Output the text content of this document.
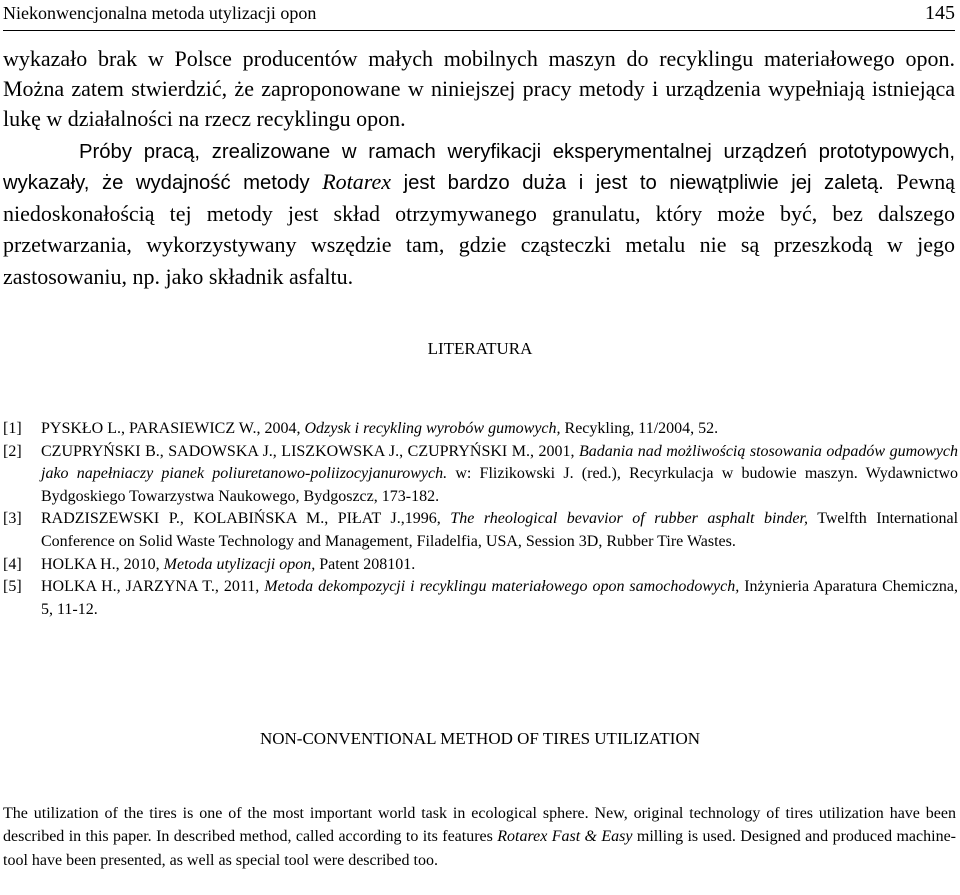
Niekonwencjonalna metoda utylizacji opon	145
wykazało brak w Polsce producentów małych mobilnych maszyn do recyklingu materiałowego opon. Można zatem stwierdzić, że zaproponowane w niniejszej pracy metody i urządzenia wypełniają istniejąca lukę w działalności na rzecz recyklingu opon.
Próby pracą, zrealizowane w ramach weryfikacji eksperymentalnej urządzeń prototypowych, wykazały, że wydajność metody Rotarex jest bardzo duża i jest to niewątpliwie jej zaletą. Pewną niedoskonałością tej metody jest skład otrzymywanego granulatu, który może być, bez dalszego przetwarzania, wykorzystywany wszędzie tam, gdzie cząsteczki metalu nie są przeszkodą w jego zastosowaniu, np. jako składnik asfaltu.
LITERATURA
[1] PYSKŁO L., PARASIEWICZ W., 2004, Odzysk i recykling wyrobów gumowych, Recykling, 11/2004, 52.
[2] CZUPRYŃSKI B., SADOWSKA J., LISZKOWSKA J., CZUPRYŃSKI M., 2001, Badania nad możliwością stosowania odpadów gumowych jako napełniaczy pianek poliuretanowo-poliizocyjanurowych. w: Flizikowski J. (red.), Recyrkulacja w budowie maszyn. Wydawnictwo Bydgoskiego Towarzystwa Naukowego, Bydgoszcz, 173-182.
[3] RADZISZEWSKI P., KOLABIŃSKA M., PIŁAT J.,1996, The rheological bevavior of rubber asphalt binder, Twelfth International Conference on Solid Waste Technology and Management, Filadelfia, USA, Session 3D, Rubber Tire Wastes.
[4] HOLKA H., 2010, Metoda utylizacji opon, Patent 208101.
[5] HOLKA H., JARZYNA T., 2011, Metoda dekompozycji i recyklingu materiałowego opon samochodowych, Inżynieria Aparatura Chemiczna, 5, 11-12.
NON-CONVENTIONAL METHOD OF TIRES UTILIZATION
The utilization of the tires is one of the most important world task in ecological sphere. New, original technology of tires utilization have been described in this paper. In described method, called according to its features Rotarex Fast & Easy milling is used. Designed and produced machine-tool have been presented, as well as special tool were described too.
